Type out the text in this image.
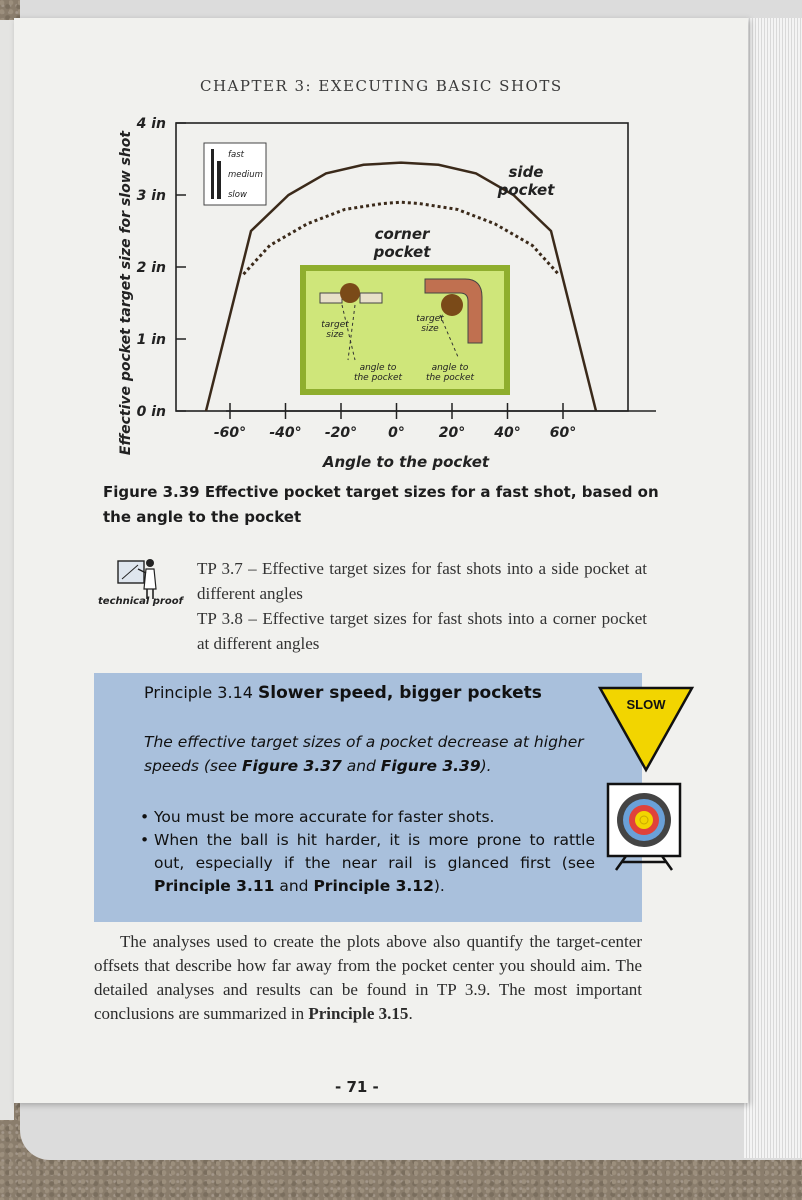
CHAPTER 3: EXECUTING BASIC SHOTS
target
size
angle to
the pocket
target
size
angle to
the pocket
side
pocket
corner
pocket
fast
medium
slow
0 in
1 in
2 in
3 in
4 in
-60° -40° -20° 0° 20° 40° 60°
Angle to the pocket
Effective pocket target size for slow shot
Figure 3.39 Effective pocket target sizes for a fast shot, based on the angle to the pocket
technical proof
TP 3.7 – Effective target sizes for fast shots into a side pocket at different angles
TP 3.8 – Effective target sizes for fast shots into a corner pocket at different angles
Principle 3.14 Slower speed, bigger pockets
The effective target sizes of a pocket decrease at higher speeds (see Figure 3.37 and Figure 3.39).
• You must be more accurate for faster shots.
• When the ball is hit harder, it is more prone to rattle out, especially if the near rail is glanced first (see Principle 3.11 and Principle 3.12).
SLOW
The analyses used to create the plots above also quantify the target-center offsets that describe how far away from the pocket center you should aim. The detailed analyses and results can be found in TP 3.9. The most important conclusions are summarized in Principle 3.15.
- 71 -
